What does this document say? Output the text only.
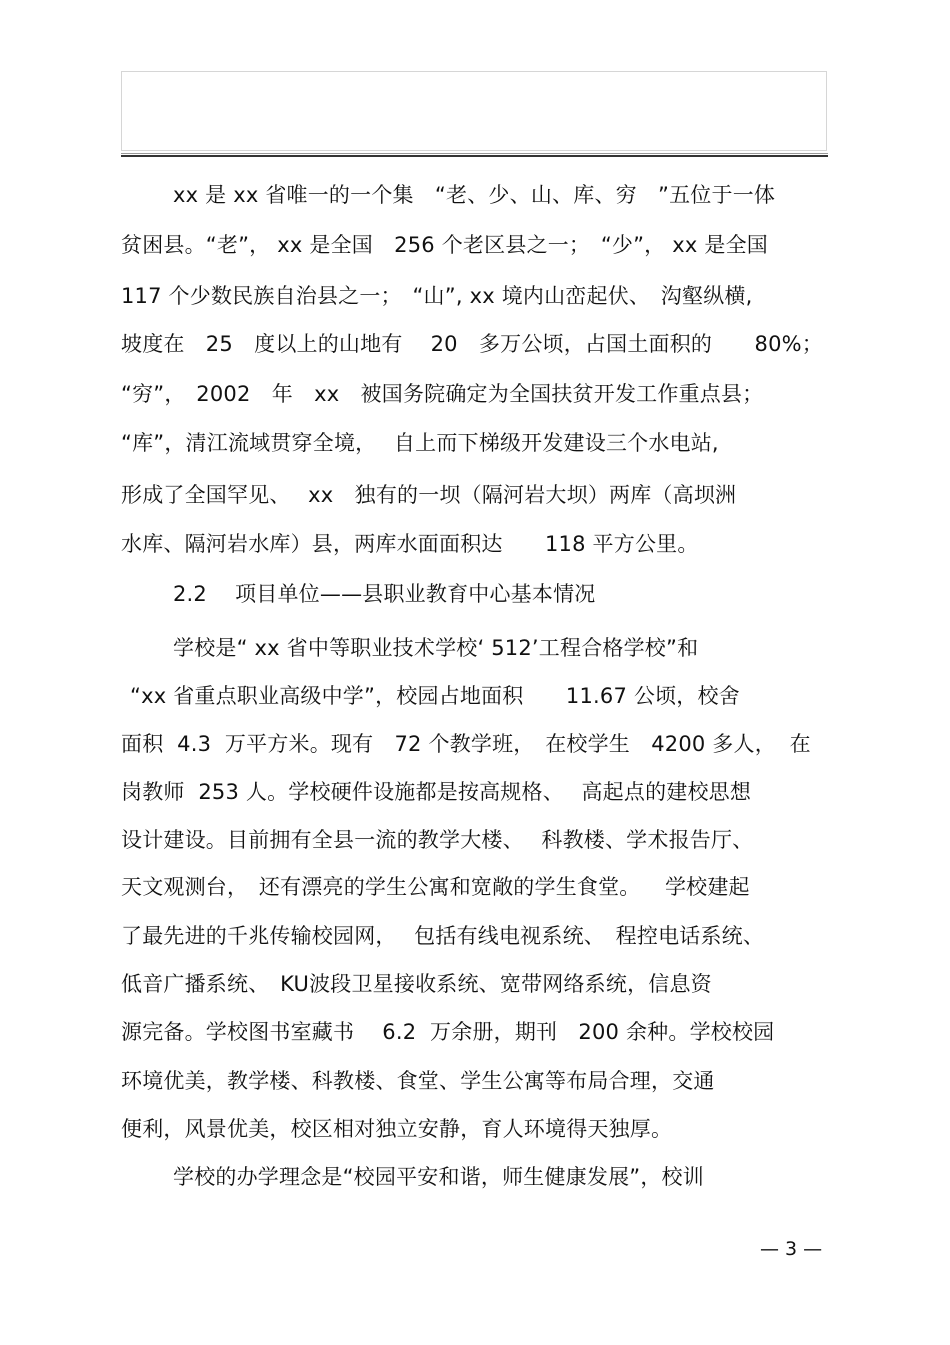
xx 是 xx 省唯一的一个集　“老、少、山、库、穷　”五位于一体

贫困县。“老”， xx 是全国　256 个老区县之一；　“少”， xx 是全国

117 个少数民族自治县之一；　“山”, xx 境内山峦起伏、　沟壑纵横,

坡度在　25　度以上的山地有　 20　多万公顷，占国土面积的　　80%；

“穷”，　2002　年　xx　被国务院确定为全国扶贫开发工作重点县；

“库”，清江流域贯穿全境，　 自上而下梯级开发建设三个水电站,

形成了全国罕见、　 xx　独有的一坝（隔河岩大坝）两库（高坝洲

水库、隔河岩水库）县，两库水面面积达　　118 平方公里。

2.2　 项目单位——县职业教育中心基本情况

学校是“ xx 省中等职业技术学校‘ 512’工程合格学校”和

“xx 省重点职业高级中学”，校园占地面积　　11.67 公顷，校舍

面积  4.3  万平方米。现有　72 个教学班，　在校学生　4200 多人，  在

岗教师  253 人。学校硬件设施都是按高规格、　 高起点的建校思想

设计建设。目前拥有全县一流的教学大楼、　 科教楼、学术报告厅、

天文观测台，　还有漂亮的学生公寓和宽敞的学生食堂。　  学校建起

了最先进的千兆传输校园网，　 包括有线电视系统、　程控电话系统、

低音广播系统、　KU波段卫星接收系统、宽带网络系统，信息资

源完备。学校图书室藏书　 6.2  万余册，期刊　200 余种。学校校园

环境优美，教学楼、科教楼、食堂、学生公寓等布局合理，交通

便利，风景优美，校区相对独立安静，育人环境得天独厚。

学校的办学理念是“校园平安和谐，师生健康发展”，校训

— 3 —
